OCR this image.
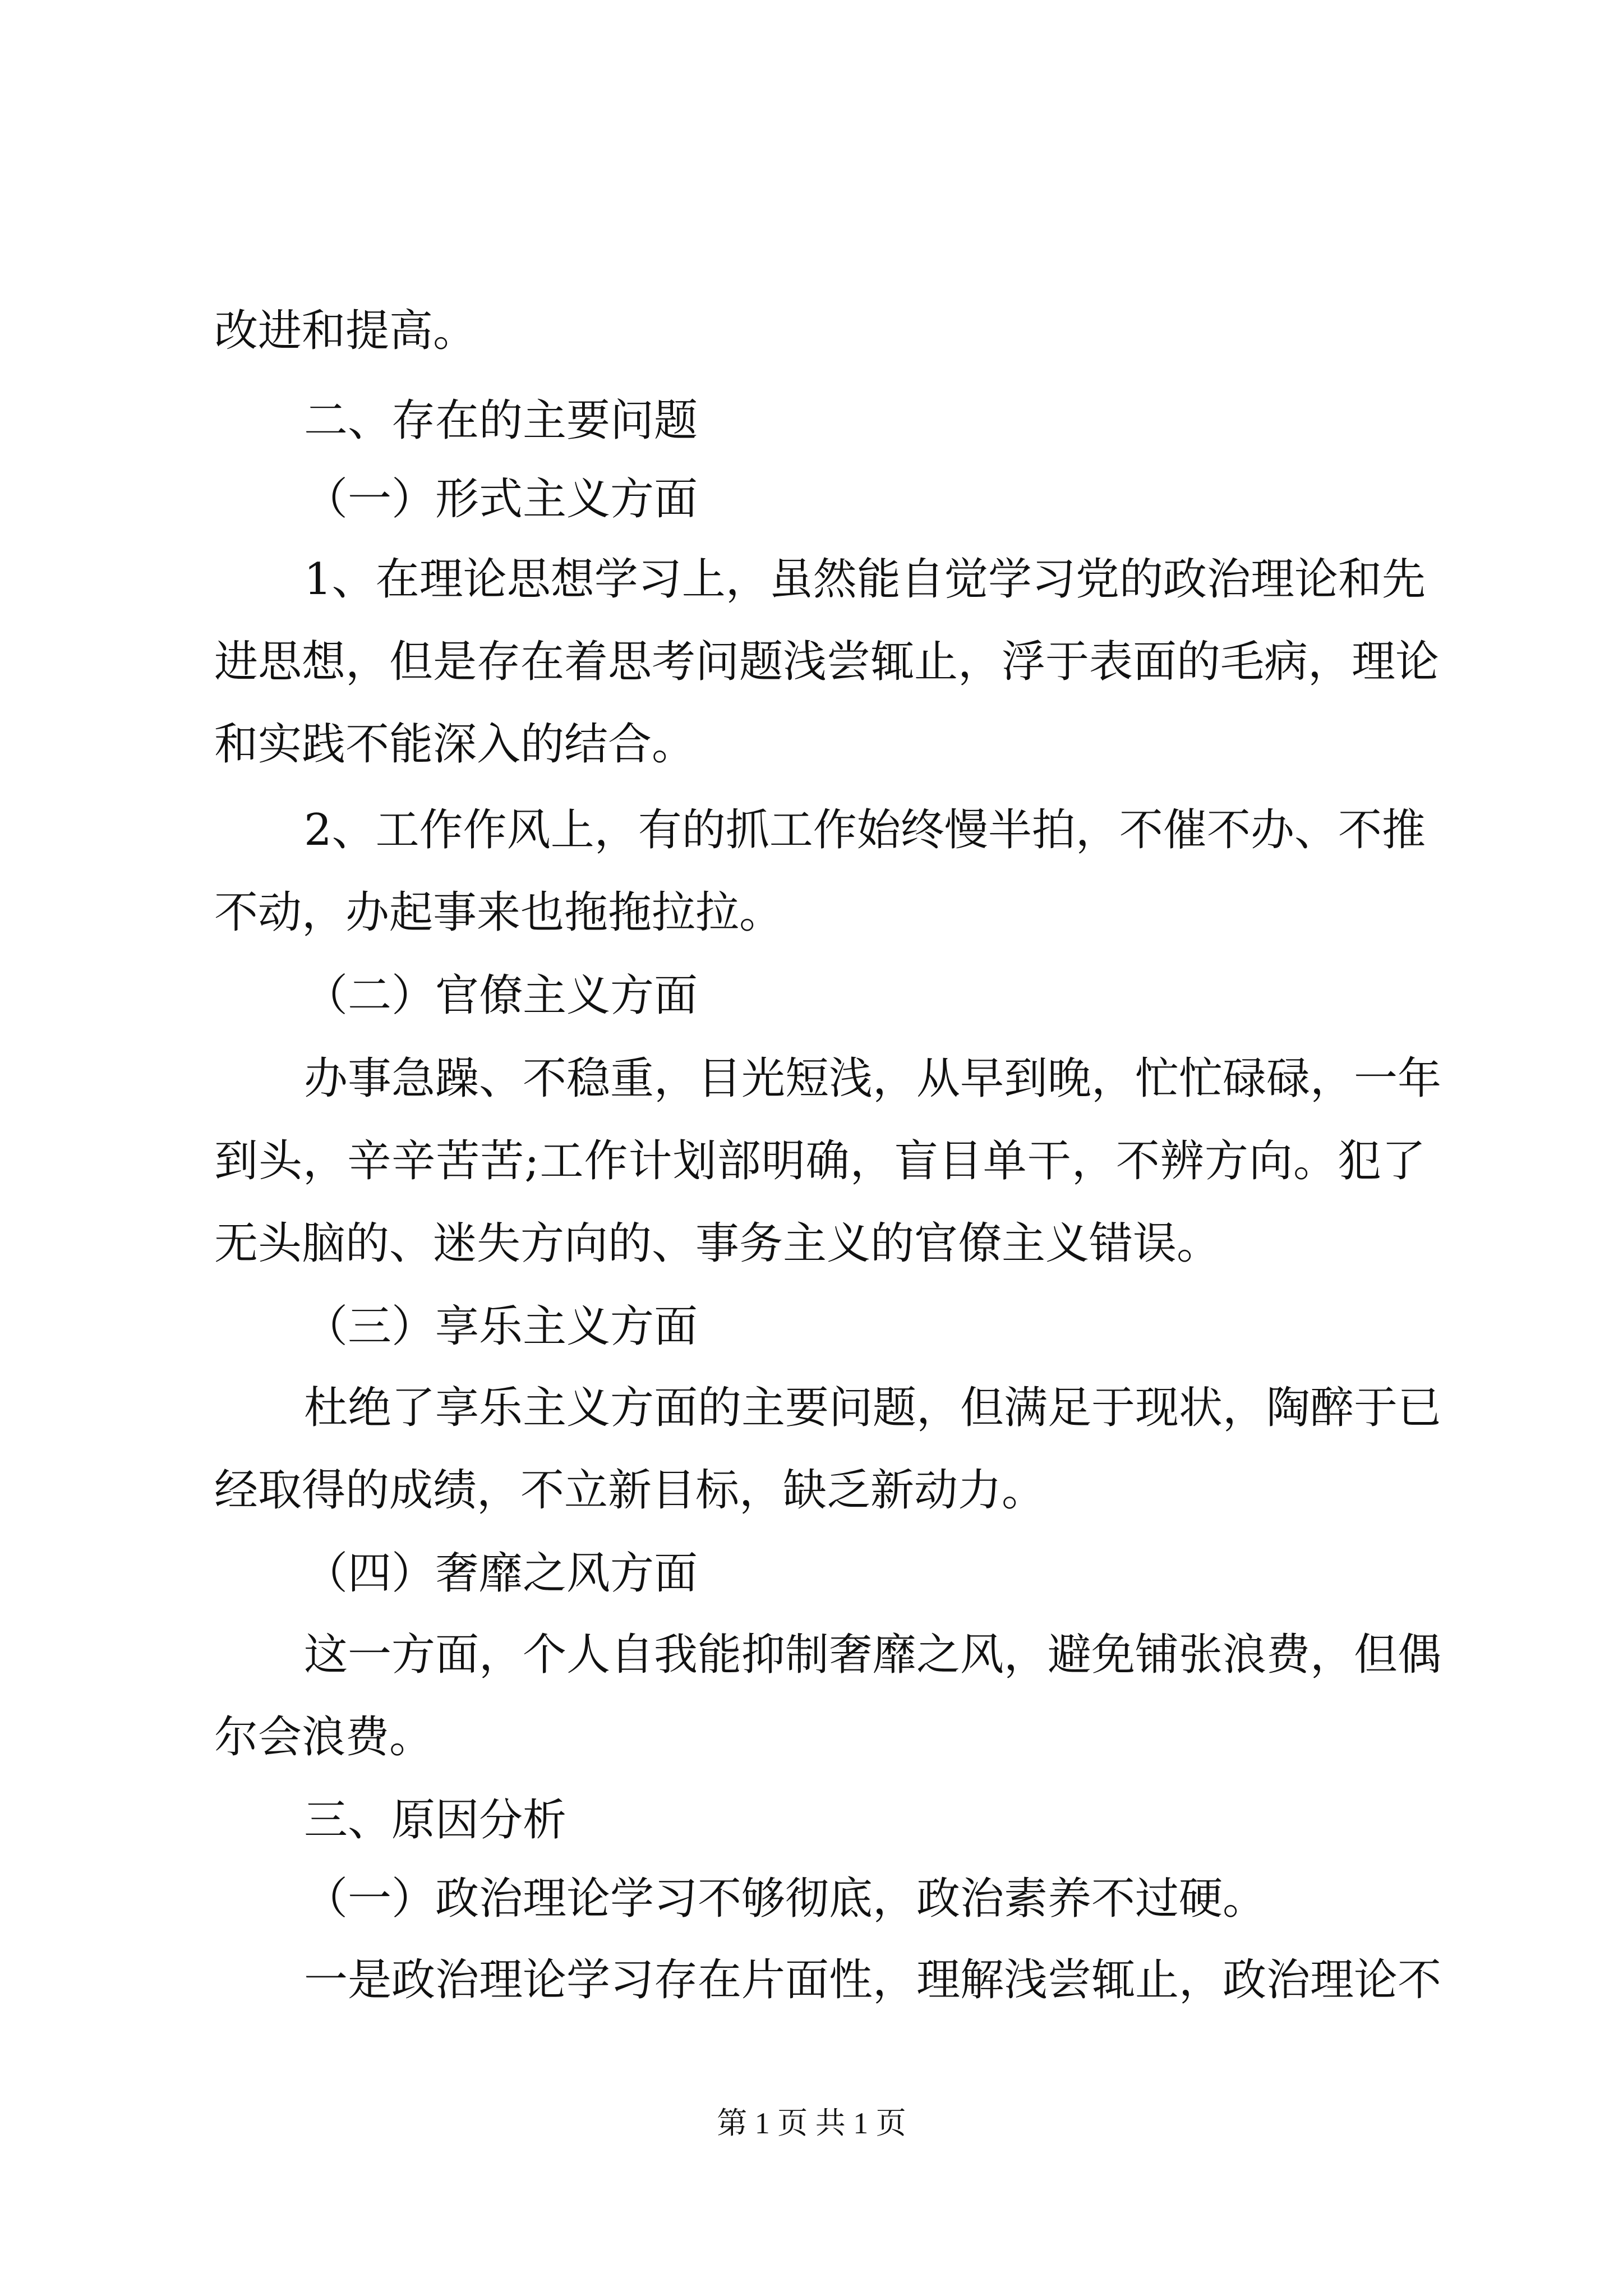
改进和提高。
二、存在的主要问题
（一）形式主义方面
1、在理论思想学习上，虽然能自觉学习党的政治理论和先
进思想，但是存在着思考问题浅尝辄止，浮于表面的毛病，理论
和实践不能深入的结合。
2、工作作风上，有的抓工作始终慢半拍，不催不办、不推
不动，办起事来也拖拖拉拉。
（二）官僚主义方面
办事急躁、不稳重，目光短浅，从早到晚，忙忙碌碌，一年
到头，辛辛苦苦;工作计划部明确，盲目单干，不辨方向。犯了
无头脑的、迷失方向的、事务主义的官僚主义错误。
（三）享乐主义方面
杜绝了享乐主义方面的主要问题，但满足于现状，陶醉于已
经取得的成绩，不立新目标，缺乏新动力。
（四）奢靡之风方面
这一方面，个人自我能抑制奢靡之风，避免铺张浪费，但偶
尔会浪费。
三、原因分析
（一）政治理论学习不够彻底，政治素养不过硬。
一是政治理论学习存在片面性，理解浅尝辄止，政治理论不
第 1 页 共 1 页
